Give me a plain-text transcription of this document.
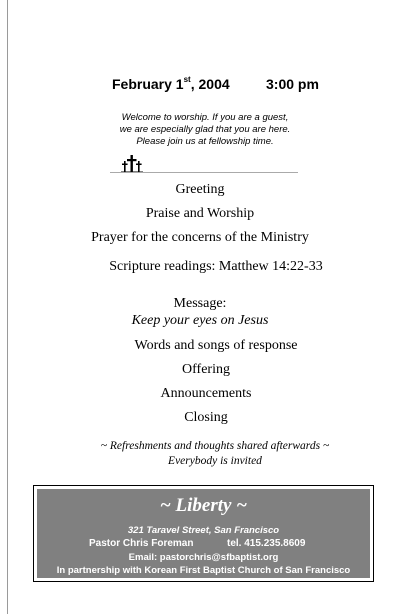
February 1st, 2004	3:00 pm
Welcome to worship. If you are a guest,
we are especially glad that you are here.
Please join us at fellowship time.
Greeting
Praise and Worship
Prayer for the concerns of the Ministry
Scripture readings: Matthew 14:22-33
Message:
Keep your eyes on Jesus
Words and songs of response
Offering
Announcements
Closing
~ Refreshments and thoughts shared afterwards ~
Everybody is invited
~ Liberty ~
321 Taravel Street, San Francisco
Pastor Chris Foreman	tel. 415.235.8609
Email: pastorchris@sfbaptist.org
In partnership with Korean First Baptist Church of San Francisco
